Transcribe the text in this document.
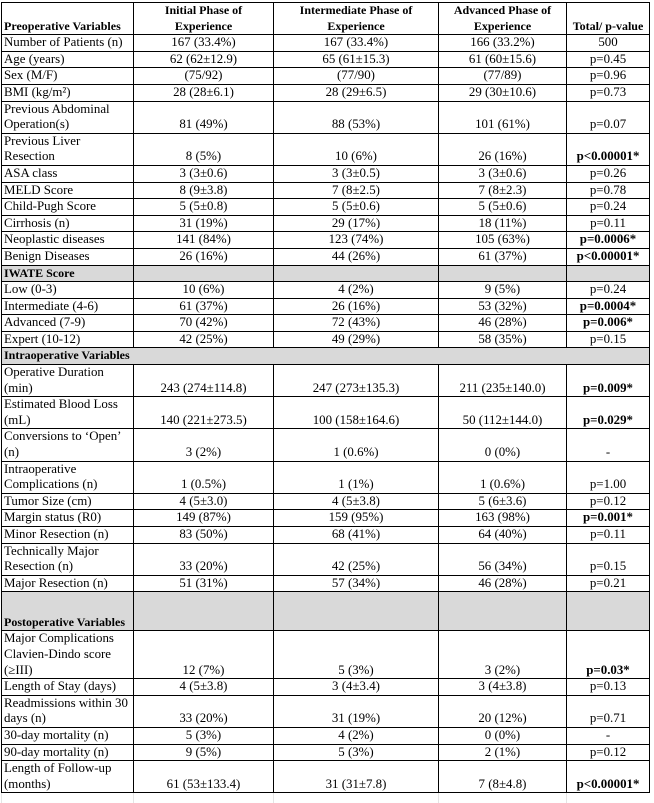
Preoperative Variables	Initial Phase of Experience	Intermediate Phase of Experience	Advanced Phase of Experience	Total/ p-value
Number of Patients (n)	167 (33.4%)	167 (33.4%)	166 (33.2%)	500
Age (years)	62 (62±12.9)	65 (61±15.3)	61 (60±15.6)	p=0.45
Sex (M/F)	(75/92)	(77/90)	(77/89)	p=0.96
BMI (kg/m²)	28 (28±6.1)	28 (29±6.5)	29 (30±10.6)	p=0.73
Previous Abdominal Operation(s)	81 (49%)	88 (53%)	101 (61%)	p=0.07
Previous Liver Resection	8 (5%)	10 (6%)	26 (16%)	p<0.00001*
ASA class	3 (3±0.6)	3 (3±0.5)	3 (3±0.6)	p=0.26
MELD Score	8 (9±3.8)	7 (8±2.5)	7 (8±2.3)	p=0.78
Child-Pugh Score	5 (5±0.8)	5 (5±0.6)	5 (5±0.6)	p=0.24
Cirrhosis (n)	31 (19%)	29 (17%)	18 (11%)	p=0.11
Neoplastic diseases	141 (84%)	123 (74%)	105 (63%)	p=0.0006*
Benign Diseases	26 (16%)	44 (26%)	61 (37%)	p<0.00001*
IWATE Score				
Low (0-3)	10 (6%)	4 (2%)	9 (5%)	p=0.24
Intermediate (4-6)	61 (37%)	26 (16%)	53 (32%)	p=0.0004*
Advanced (7-9)	70 (42%)	72 (43%)	46 (28%)	p=0.006*
Expert (10-12)	42 (25%)	49 (29%)	58 (35%)	p=0.15
Intraoperative Variables				
Operative Duration (min)	243 (274±114.8)	247 (273±135.3)	211 (235±140.0)	p=0.009*
Estimated Blood Loss (mL)	140 (221±273.5)	100 (158±164.6)	50 (112±144.0)	p=0.029*
Conversions to ‘Open’ (n)	3 (2%)	1 (0.6%)	0 (0%)	-
Intraoperative Complications (n)	1 (0.5%)	1 (1%)	1 (0.6%)	p=1.00
Tumor Size (cm)	4 (5±3.0)	4 (5±3.8)	5 (6±3.6)	p=0.12
Margin status (R0)	149 (87%)	159 (95%)	163 (98%)	p=0.001*
Minor Resection (n)	83 (50%)	68 (41%)	64 (40%)	p=0.11
Technically Major Resection (n)	33 (20%)	42 (25%)	56 (34%)	p=0.15
Major Resection (n)	51 (31%)	57 (34%)	46 (28%)	p=0.21
Postoperative Variables				
Major Complications Clavien-Dindo score (≥III)	12 (7%)	5 (3%)	3 (2%)	p=0.03*
Length of Stay (days)	4 (5±3.8)	3 (4±3.4)	3 (4±3.8)	p=0.13
Readmissions within 30 days (n)	33 (20%)	31 (19%)	20 (12%)	p=0.71
30-day mortality (n)	5 (3%)	4 (2%)	0 (0%)	-
90-day mortality (n)	9 (5%)	5 (3%)	2 (1%)	p=0.12
Length of Follow-up (months)	61 (53±133.4)	31 (31±7.8)	7 (8±4.8)	p<0.00001*
